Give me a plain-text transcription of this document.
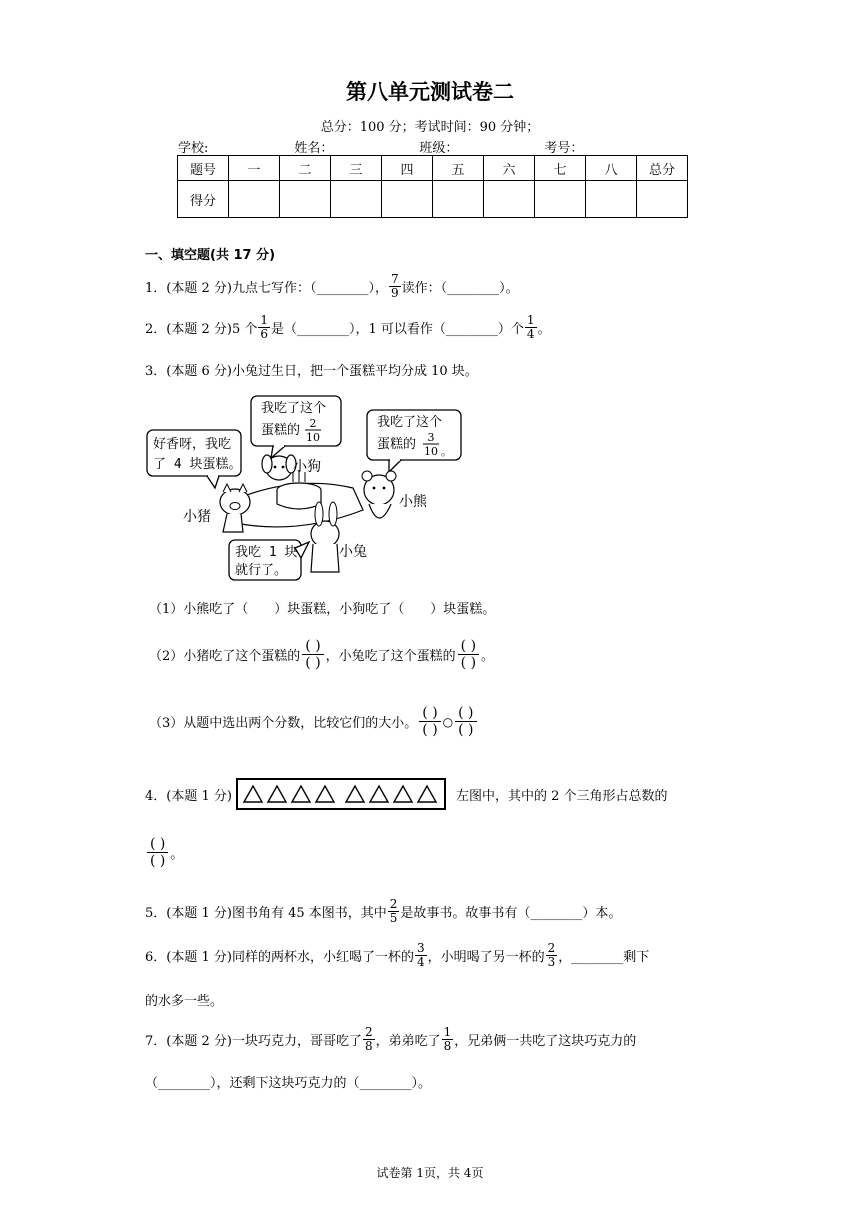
第八单元测试卷二
总分：100 分；考试时间：90 分钟；
学校:	姓名：	班级：	考号：
题号	一	二	三	四	五	六	七	八	总分
得分									
一、填空题(共 17 分)
1．(本题 2 分)九点七写作：（________）， $\frac{7}{9}$ 读作：（________）。
2．(本题 2 分)5 个 $\frac{1}{6}$ 是（________），1 可以看作（________）个 $\frac{1}{4}$ 。
3．(本题 6 分)小兔过生日，把一个蛋糕平均分成 10 块。
我吃了这个
蛋糕的 2
10
我吃了这个
蛋糕的 3
10 。
好香呀，我吃
了 4 块蛋糕。
我吃 1 块
就行了。
小猪
小狗
小熊
小兔
（1）小熊吃了（　　）块蛋糕，小狗吃了（　　）块蛋糕。
（2）小猪吃了这个蛋糕的 $\frac{( )}{( )}$ ，小兔吃了这个蛋糕的 $\frac{( )}{( )}$ 。
（3）从题中选出两个分数，比较它们的大小。 $\frac{( )}{( )}$ ○ $\frac{( )}{( )}$
4．(本题 1 分)	左图中，其中的 2 个三角形占总数的
$\frac{( )}{( )}$ 。
5．(本题 1 分)图书角有 45 本图书，其中 $\frac{2}{5}$ 是故事书。故事书有（________）本。
6．(本题 1 分)同样的两杯水，小红喝了一杯的 $\frac{3}{4}$ ，小明喝了另一杯的 $\frac{2}{3}$ ，________剩下
的水多一些。
7．(本题 2 分)一块巧克力，哥哥吃了 $\frac{2}{8}$ ，弟弟吃了 $\frac{1}{8}$ ，兄弟俩一共吃了这块巧克力的
（________），还剩下这块巧克力的（________）。
试卷第 1页，共 4页
